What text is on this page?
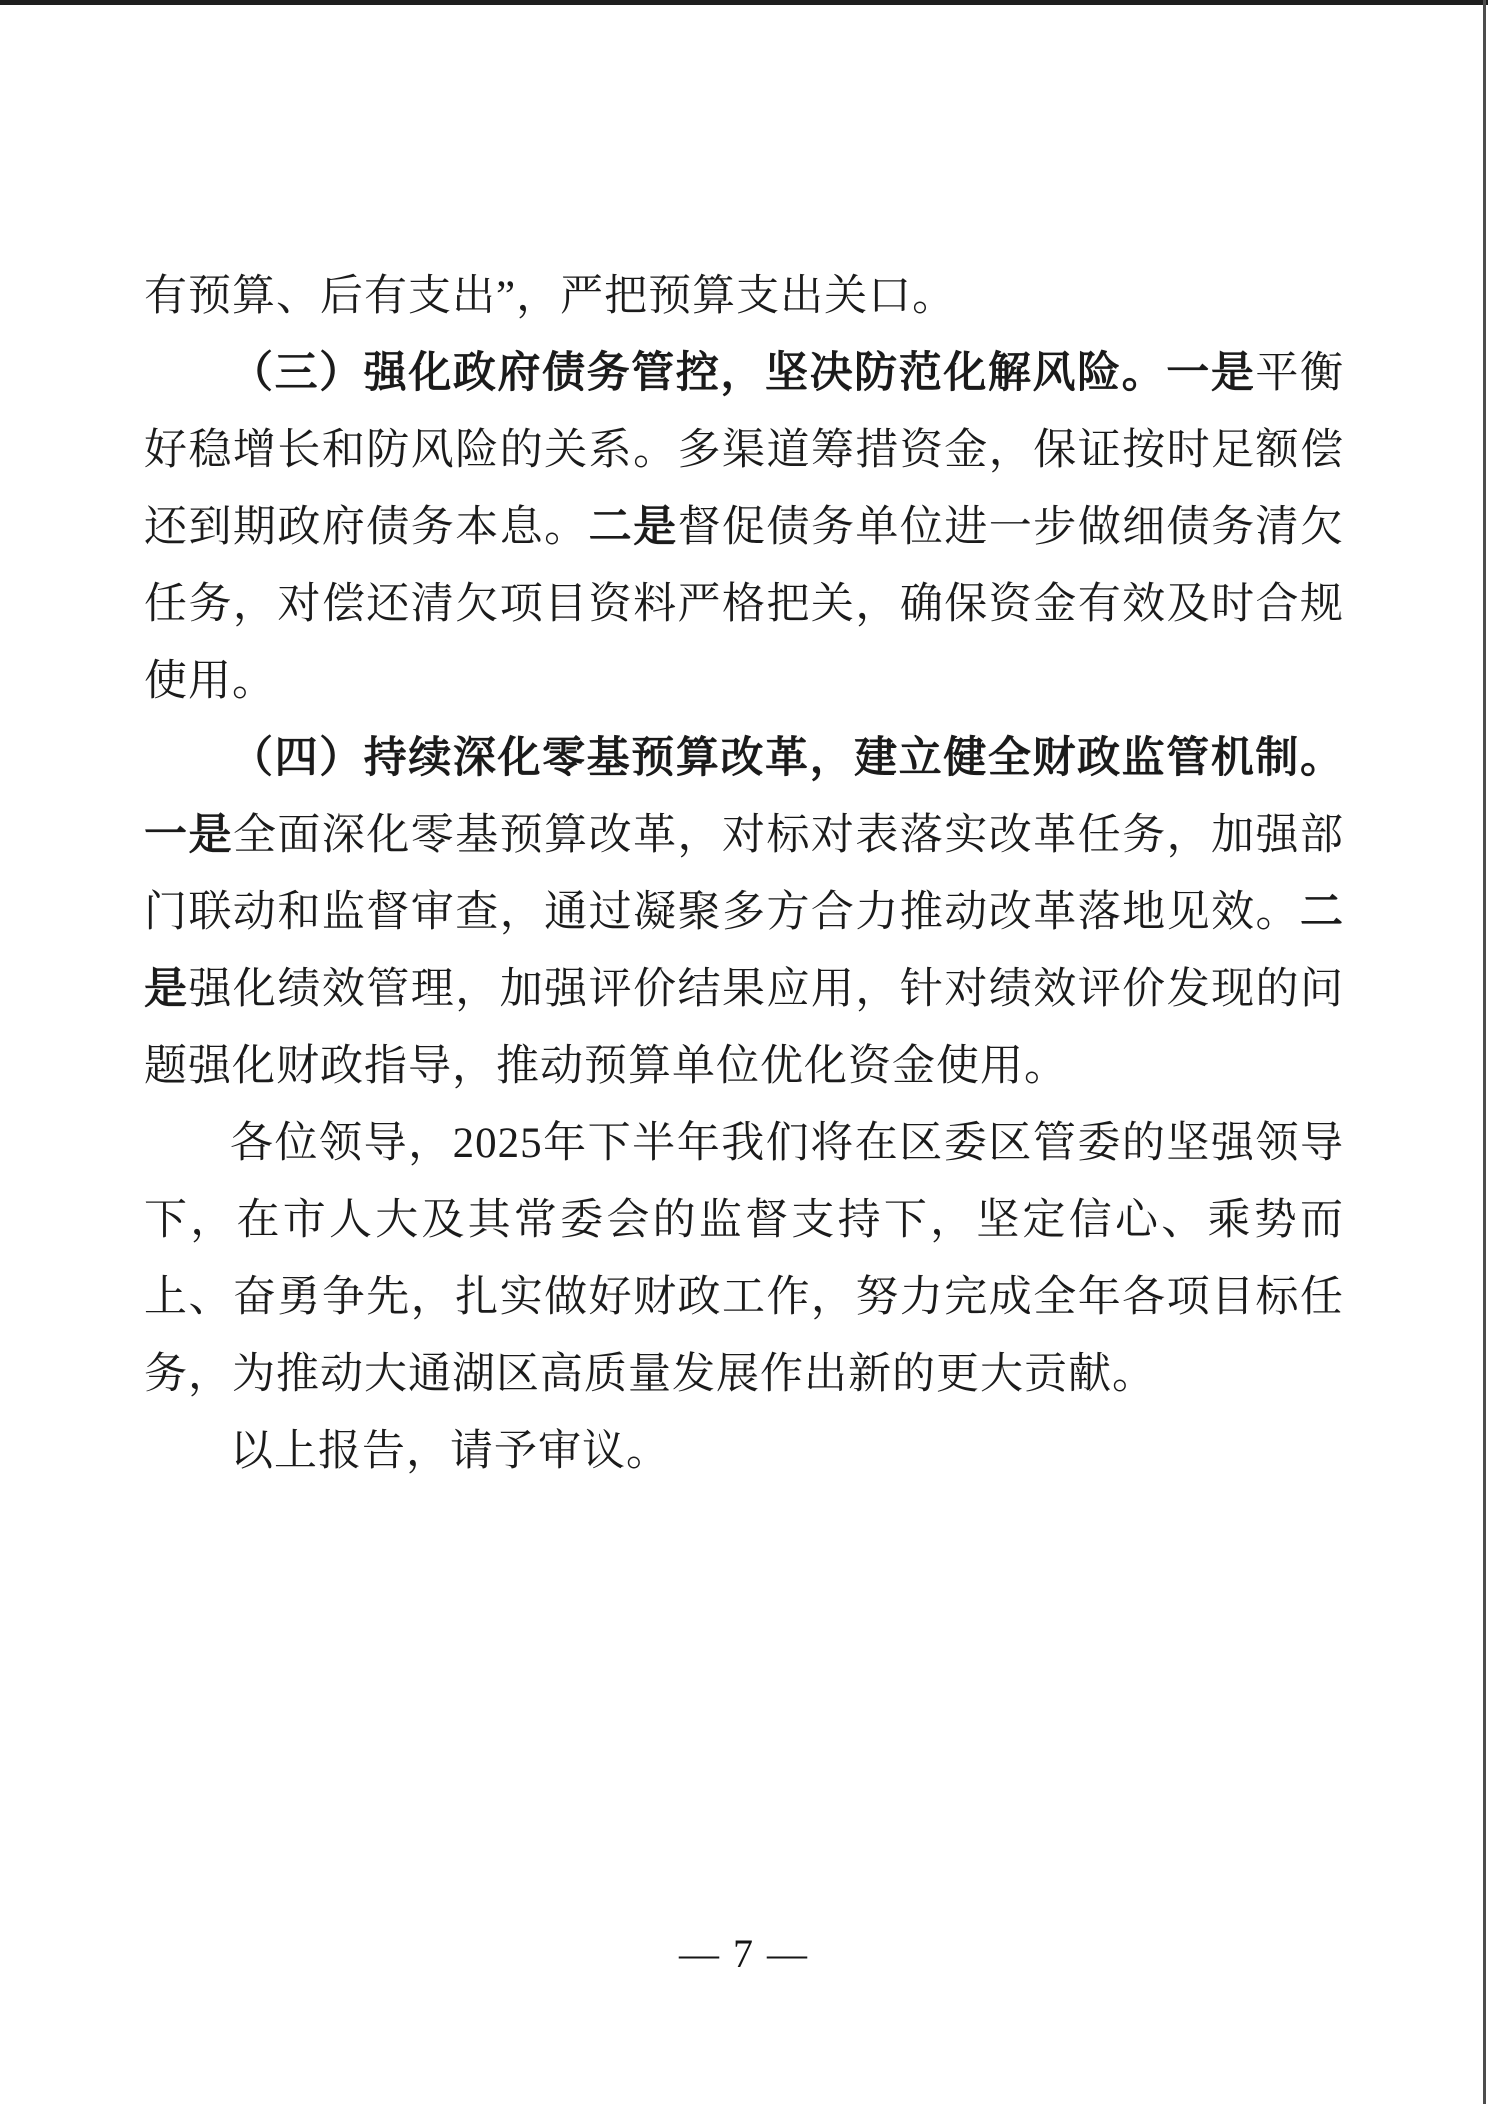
有预算、后有支出”，严把预算支出关口。

（三）强化政府债务管控，坚决防范化解风险。一是平衡好稳增长和防风险的关系。多渠道筹措资金，保证按时足额偿还到期政府债务本息。二是督促债务单位进一步做细债务清欠任务，对偿还清欠项目资料严格把关，确保资金有效及时合规使用。

（四）持续深化零基预算改革，建立健全财政监管机制。一是全面深化零基预算改革，对标对表落实改革任务，加强部门联动和监督审查，通过凝聚多方合力推动改革落地见效。二是强化绩效管理，加强评价结果应用，针对绩效评价发现的问题强化财政指导，推动预算单位优化资金使用。

各位领导，2025年下半年我们将在区委区管委的坚强领导下，在市人大及其常委会的监督支持下，坚定信心、乘势而上、奋勇争先，扎实做好财政工作，努力完成全年各项目标任务，为推动大通湖区高质量发展作出新的更大贡献。

以上报告，请予审议。

— 7 —
